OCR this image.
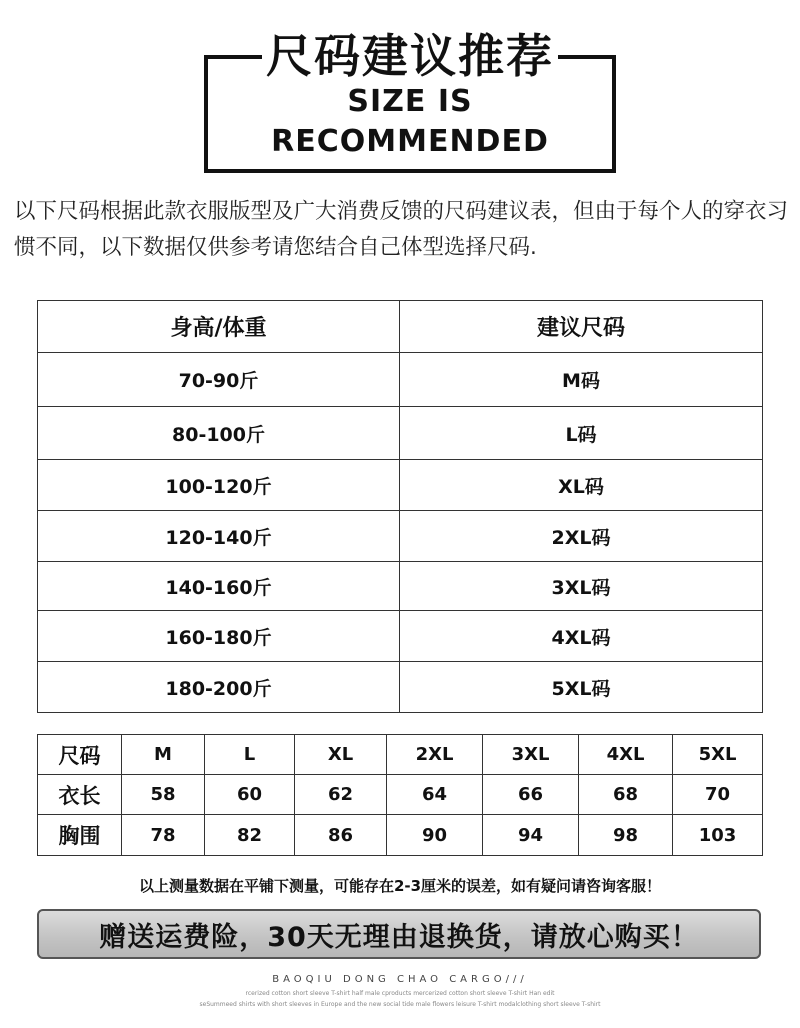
尺码建议推荐
SIZE IS RECOMMENDED
以下尺码根据此款衣服版型及广大消费反馈的尺码建议表，但由于每个人的穿衣习惯不同，以下数据仅供参考请您结合自己体型选择尺码.
身高/体重	建议尺码
70-90斤	M码
80-100斤	L码
100-120斤	XL码
120-140斤	2XL码
140-160斤	3XL码
160-180斤	4XL码
180-200斤	5XL码
尺码	M	L	XL	2XL	3XL	4XL	5XL
衣长	58	60	62	64	66	68	70
胸围	78	82	86	90	94	98	103
以上测量数据在平铺下测量，可能存在2-3厘米的误差，如有疑问请咨询客服！
赠送运费险，30天无理由退换货，请放心购买！
BAOQIU DONG CHAO CARGO///
rcerized cotton short sleeve T-shirt half male cproducts mercerized cotton short sleeve T-shirt Han edit
seSummeed shirts with short sleeves in Europe and the new social tide male flowers leisure T-shirt modalclothing short sleeve T-shirt
